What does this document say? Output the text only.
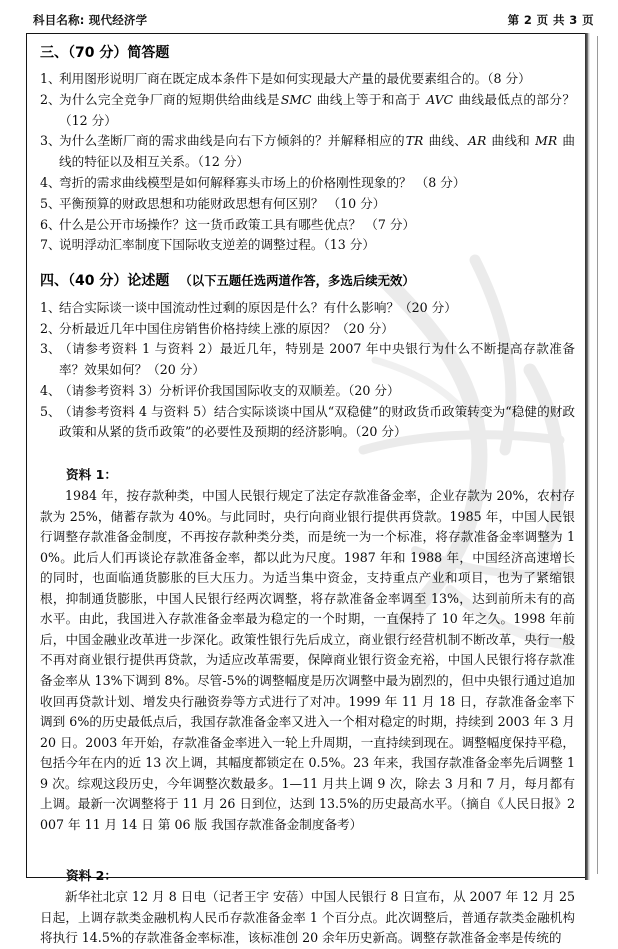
科目名称: 现代经济学	第 2 页 共 3 页
三、（70 分）简答题
1、
利用图形说明厂商在既定成本条件下是如何实现最大产量的最优要素组合的。（8 分）
2、
为什么完全竞争厂商的短期供给曲线是SMC 曲线上等于和高于 AVC 曲线最低点的部分？（12 分）
3、
为什么垄断厂商的需求曲线是向右下方倾斜的？并解释相应的TR 曲线、AR 曲线和 MR 曲线的特征以及相互关系。（12 分）
4、
弯折的需求曲线模型是如何解释寡头市场上的价格刚性现象的？ （8 分）
5、
平衡预算的财政思想和功能财政思想有何区别？ （10 分）
6、
什么是公开市场操作？这一货币政策工具有哪些优点？ （7 分）
7、
说明浮动汇率制度下国际收支逆差的调整过程。（13 分）
四、（40 分）论述题 （以下五题任选两道作答，多选后续无效）
1、
结合实际谈一谈中国流动性过剩的原因是什么？有什么影响？（20 分）
2、
分析最近几年中国住房销售价格持续上涨的原因？（20 分）
3、
（请参考资料 1 与资料 2）最近几年，特别是 2007 年中央银行为什么不断提高存款准备率？效果如何？（20 分）
4、
（请参考资料 3）分析评价我国国际收支的双顺差。（20 分）
5、
（请参考资料 4 与资料 5）结合实际谈谈中国从“双稳健”的财政货币政策转变为“稳健的财政政策和从紧的货币政策”的必要性及预期的经济影响。（20 分）

资料 1：

1984 年，按存款种类，中国人民银行规定了法定存款准备金率，企业存款为 20%，农村存款为 25%，储蓄存款为 40%。与此同时，央行向商业银行提供再贷款。1985 年，中国人民银行调整存款准备金制度，不再按存款种类分类，而是统一为一个标准，将存款准备金率调整为 10%。此后人们再谈论存款准备金率，都以此为尺度。1987 年和 1988 年，中国经济高速增长的同时，也面临通货膨胀的巨大压力。为适当集中资金，支持重点产业和项目，也为了紧缩银根，抑制通货膨胀，中国人民银行经两次调整，将存款准备金率调至 13%，达到前所未有的高水平。由此，我国进入存款准备金率最为稳定的一个时期，一直保持了 10 年之久。1998 年前后，中国金融业改革进一步深化。政策性银行先后成立，商业银行经营机制不断改革，央行一般不再对商业银行提供再贷款，为适应改革需要，保障商业银行资金充裕，中国人民银行将存款准备金率从 13%下调到 8%。尽管-5%的调整幅度是历次调整中最为剧烈的，但中央银行通过追加收回再贷款计划、增发央行融资券等方式进行了对冲。1999 年 11 月 18 日，存款准备金率下调到 6%的历史最低点后，我国存款准备金率又进入一个相对稳定的时期，持续到 2003 年 3 月 20 日。2003 年开始，存款准备金率进入一轮上升周期，一直持续到现在。调整幅度保持平稳，包括今年在内的近 13 次上调，其幅度都锁定在 0.5%。23 年来，我国存款准备金率先后调整 19 次。综观这段历史，今年调整次数最多。1—11 月共上调 9 次，除去 3 月和 7 月，每月都有上调。最新一次调整将于 11 月 26 日到位，达到 13.5%的历史最高水平。（摘自《人民日报》2007 年 11 月 14 日 第 06 版 我国存款准备金制度备考）

资料 2：

新华社北京 12 月 8 日电（记者王宇 安蓓）中国人民银行 8 日宣布，从 2007 年 12 月 25 日起，上调存款类金融机构人民币存款准备金率 1 个百分点。此次调整后，普通存款类金融机构将执行 14.5%的存款准备金率标准，该标准创 20 余年历史新高。调整存款准备金率是传统的
